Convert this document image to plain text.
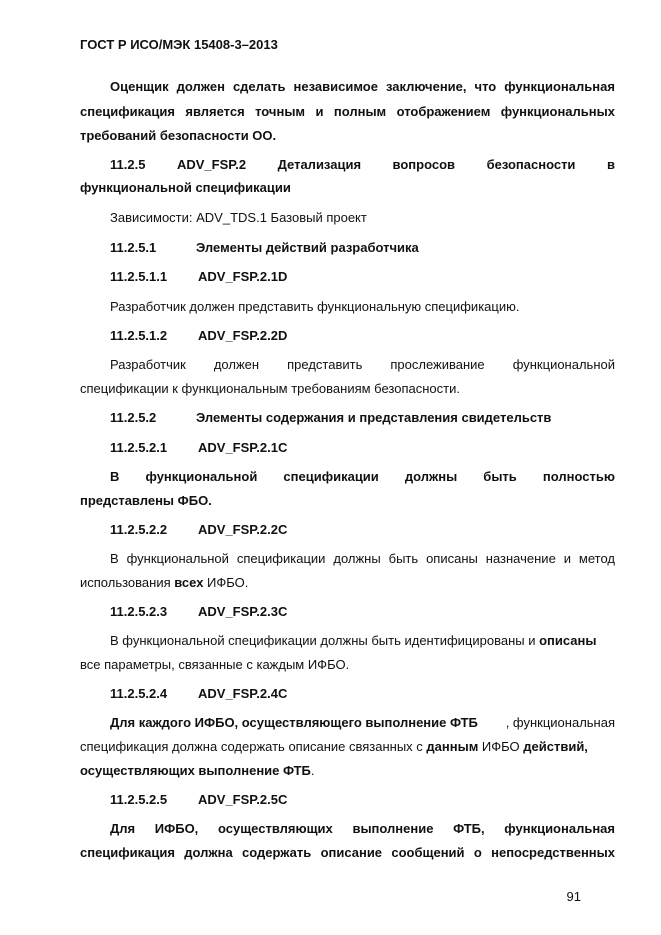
ГОСТ Р ИСО/МЭК 15408-3–2013
Оценщик должен сделать независимое заключение, что функциональная
спецификация является точным и полным отображением функциональных
требований безопасности ОО.
11.2.5 ADV_FSP.2 Детализация вопросов безопасности в
функциональной спецификации
Зависимости: ADV_TDS.1 Базовый проект
11.2.5.1	Элементы действий разработчика
11.2.5.1.1 ADV_FSP.2.1D
Разработчик должен представить функциональную спецификацию.
11.2.5.1.2 ADV_FSP.2.2D
Разработчик должен представить прослеживание функциональной
спецификации к функциональным требованиям безопасности.
11.2.5.2	Элементы содержания и представления свидетельств
11.2.5.2.1 ADV_FSP.2.1C
В функциональной спецификации должны быть полностью
представлены ФБО.
11.2.5.2.2 ADV_FSP.2.2C
В функциональной спецификации должны быть описаны назначение и метод
использования всех ИФБО.
11.2.5.2.3 ADV_FSP.2.3C
В функциональной спецификации должны быть идентифицированы и описаны
все параметры, связанные с каждым ИФБО.
11.2.5.2.4 ADV_FSP.2.4C
Для каждого ИФБО, осуществляющего выполнение ФТБ , функциональная
спецификация должна содержать описание связанных с данным ИФБО действий,
осуществляющих выполнение ФТБ.
11.2.5.2.5 ADV_FSP.2.5C
Для ИФБО, осуществляющих выполнение ФТБ, функциональная
спецификация должна содержать описание сообщений о непосредственных
91
